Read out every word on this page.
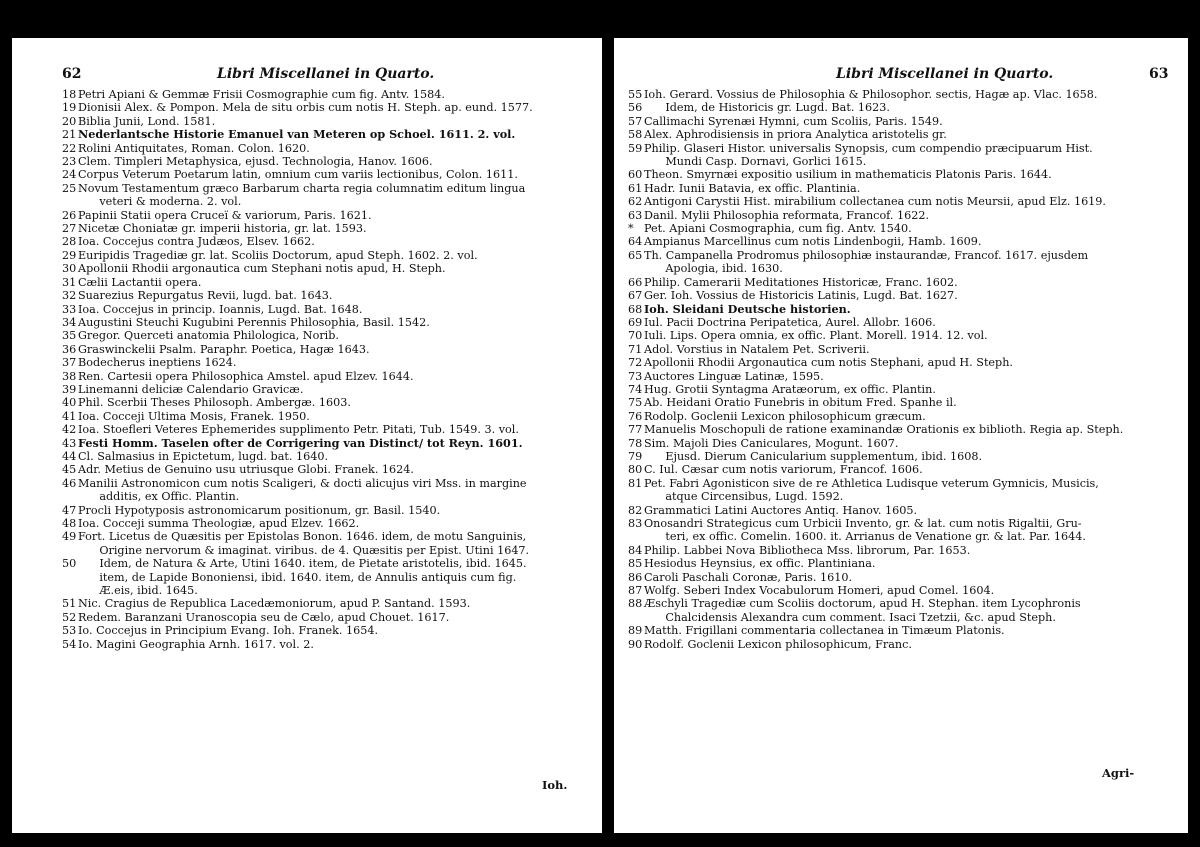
62	Libri Miscellanei in Quarto.
18 Petri Apiani & Gemmæ Frisii Cosmographie cum fig. Antv. 1584.
19 Dionisii Alex. & Pompon. Mela de situ orbis cum notis H. Steph. ap. eund. 1577.
20 Biblia Junii, Lond. 1581.
21 Nederlantsche Historie Emanuel van Meteren op Schoel. 1611. 2. vol.
22 Rolini Antiquitates, Roman. Colon. 1620.
23 Clem. Timpleri Metaphysica, ejusd. Technologia, Hanov. 1606.
24 Corpus Veterum Poetarum latin, omnium cum variis lectionibus, Colon. 1611.
25 Novum Testamentum græco Barbarum charta regia columnatim editum lingua
veteri & moderna. 2. vol.
26 Papinii Statii opera Cruceï & variorum, Paris. 1621.
27 Nicetæ Choniatæ gr. imperii historia, gr. lat. 1593.
28 Ioa. Coccejus contra Judæos, Elsev. 1662.
29 Euripidis Tragediæ gr. lat. Scoliis Doctorum, apud Steph. 1602. 2. vol.
30 Apollonii Rhodii argonautica cum Stephani notis apud, H. Steph.
31 Cælii Lactantii opera.
32 Suarezius Repurgatus Revii, lugd. bat. 1643.
33 Ioa. Coccejus in princip. Ioannis, Lugd. Bat. 1648.
34 Augustini Steuchi Kugubini Perennis Philosophia, Basil. 1542.
35 Gregor. Querceti anatomia Philologica, Norib.
36 Graswinckelii Psalm. Paraphr. Poetica, Hagæ 1643.
37 Bodecherus ineptiens 1624.
38 Ren. Cartesii opera Philosophica Amstel. apud Elzev. 1644.
39 Linemanni deliciæ Calendario Gravicæ.
40 Phil. Scerbii Theses Philosoph. Ambergæ. 1603.
41 Ioa. Cocceji Ultima Mosis, Franek. 1950.
42 Ioa. Stoefleri Veteres Ephemerides supplimento Petr. Pitati, Tub. 1549. 3. vol.
43 Festi Homm. Taselen ofter de Corrigering van Distinct/ tot Reyn. 1601.
44 Cl. Salmasius in Epictetum, lugd. bat. 1640.
45 Adr. Metius de Genuino usu utriusque Globi. Franek. 1624.
46 Manilii Astronomicon cum notis Scaligeri, & docti alicujus viri Mss. in margine
additis, ex Offic. Plantin.
47 Procli Hypotyposis astronomicarum positionum, gr. Basil. 1540.
48 Ioa. Cocceji summa Theologiæ, apud Elzev. 1662.
49 Fort. Licetus de Quæsitis per Epistolas Bonon. 1646. idem, de motu Sanguinis,
Origine nervorum & imaginat. viribus. de 4. Quæsitis per Epist. Utini 1647.
50 Idem, de Natura & Arte, Utini 1640. item, de Pietate aristotelis, ibid. 1645.
item, de Lapide Bononiensi, ibid. 1640. item, de Annulis antiquis cum fig.
Æ.eis, ibid. 1645.
51 Nic. Cragius de Republica Lacedæmoniorum, apud P. Santand. 1593.
52 Redem. Baranzani Uranoscopia seu de Cælo, apud Chouet. 1617.
53 Io. Coccejus in Principium Evang. Ioh. Franek. 1654.
54 Io. Magini Geographia Arnh. 1617. vol. 2.
Ioh.
Libri Miscellanei in Quarto.	63
55 Ioh. Gerard. Vossius de Philosophia & Philosophor. sectis, Hagæ ap. Vlac. 1658.
56 Idem, de Historicis gr. Lugd. Bat. 1623.
57 Callimachi Syrenæi Hymni, cum Scoliis, Paris. 1549.
58 Alex. Aphrodisiensis in priora Analytica aristotelis gr.
59 Philip. Glaseri Histor. universalis Synopsis, cum compendio præcipuarum Hist.
Mundi Casp. Dornavi, Gorlici 1615.
60 Theon. Smyrnæi expositio usilium in mathematicis Platonis Paris. 1644.
61 Hadr. Iunii Batavia, ex offic. Plantinia.
62 Antigoni Carystii Hist. mirabilium collectanea cum notis Meursii, apud Elz. 1619.
63 Danil. Mylii Philosophia reformata, Francof. 1622.
* Pet. Apiani Cosmographia, cum fig. Antv. 1540.
64 Ampianus Marcellinus cum notis Lindenbogii, Hamb. 1609.
65 Th. Campanella Prodromus philosophiæ instaurandæ, Francof. 1617. ejusdem
Apologia, ibid. 1630.
66 Philip. Camerarii Meditationes Historicæ, Franc. 1602.
67 Ger. Ioh. Vossius de Historicis Latinis, Lugd. Bat. 1627.
68 Ioh. Sleidani Deutsche historien.
69 Iul. Pacii Doctrina Peripatetica, Aurel. Allobr. 1606.
70 Iuli. Lips. Opera omnia, ex offic. Plant. Morell. 1914. 12. vol.
71 Adol. Vorstius in Natalem Pet. Scriverii.
72 Apollonii Rhodii Argonautica cum notis Stephani, apud H. Steph.
73 Auctores Linguæ Latinæ, 1595.
74 Hug. Grotii Syntagma Aratæorum, ex offic. Plantin.
75 Ab. Heidani Oratio Funebris in obitum Fred. Spanhe il.
76 Rodolp. Goclenii Lexicon philosophicum græcum.
77 Manuelis Moschopuli de ratione examinandæ Orationis ex biblioth. Regia ap. Steph.
78 Sim. Majoli Dies Caniculares, Mogunt. 1607.
79 Ejusd. Dierum Canicularium supplementum, ibid. 1608.
80 C. Iul. Cæsar cum notis variorum, Francof. 1606.
81 Pet. Fabri Agonisticon sive de re Athletica Ludisque veterum Gymnicis, Musicis,
atque Circensibus, Lugd. 1592.
82 Grammatici Latini Auctores Antiq. Hanov. 1605.
83 Onosandri Strategicus cum Urbicii Invento, gr. & lat. cum notis Rigaltii, Gru-
teri, ex offic. Comelin. 1600. it. Arrianus de Venatione gr. & lat. Par. 1644.
84 Philip. Labbei Nova Bibliotheca Mss. librorum, Par. 1653.
85 Hesiodus Heynsius, ex offic. Plantiniana.
86 Caroli Paschali Coronæ, Paris. 1610.
87 Wolfg. Seberi Index Vocabulorum Homeri, apud Comel. 1604.
88 Æschyli Tragediæ cum Scoliis doctorum, apud H. Stephan. item Lycophronis
Chalcidensis Alexandra cum comment. Isaci Tzetzii, &c. apud Steph.
89 Matth. Frigillani commentaria collectanea in Timæum Platonis.
90 Rodolf. Goclenii Lexicon philosophicum, Franc.
Agri-
